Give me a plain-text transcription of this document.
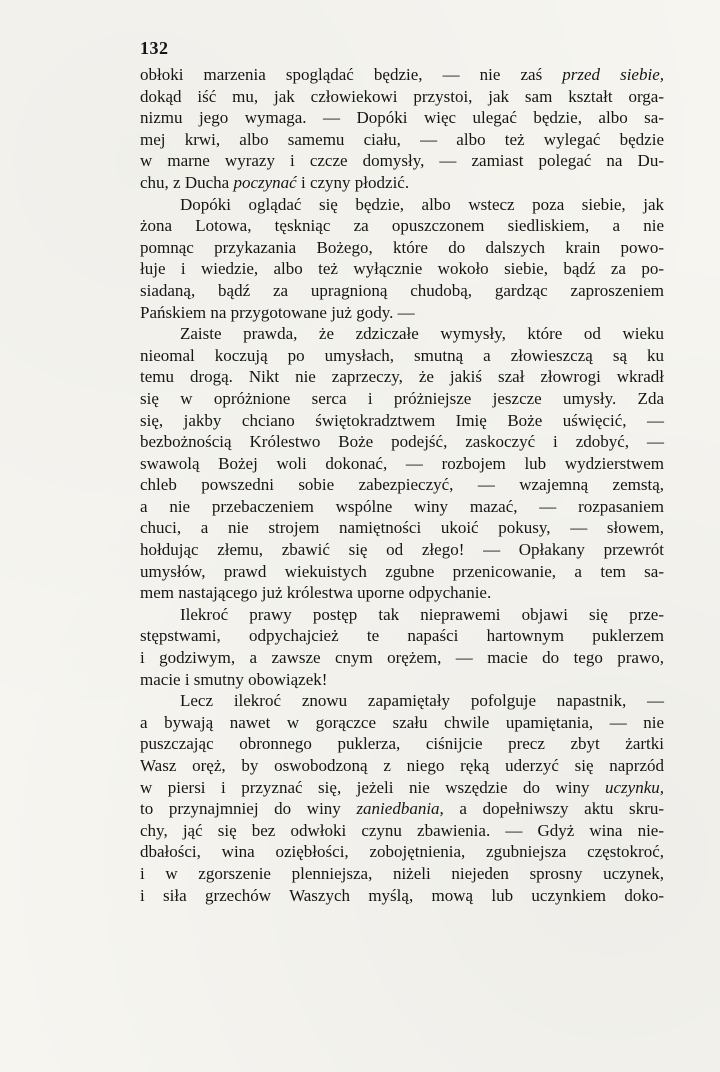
132
obłoki marzenia spoglądać będzie, — nie zaś przed siebie,
dokąd iść mu, jak człowiekowi przystoi, jak sam kształt orga-
nizmu jego wymaga. — Dopóki więc ulegać będzie, albo sa-
mej krwi, albo samemu ciału, — albo też wylegać będzie
w marne wyrazy i czcze domysły, — zamiast polegać na Du-
chu, z Ducha poczynać i czyny płodzić.
Dopóki oglądać się będzie, albo wstecz poza siebie, jak
żona Lotowa, tęskniąc za opuszczonem siedliskiem, a nie
pomnąc przykazania Bożego, które do dalszych krain powo-
łuje i wiedzie, albo też wyłącznie wokoło siebie, bądź za po-
siadaną, bądź za upragnioną chudobą, gardząc zaproszeniem
Pańskiem na przygotowane już gody. —
Zaiste prawda, że zdziczałe wymysły, które od wieku
nieomal koczują po umysłach, smutną a złowieszczą są ku
temu drogą. Nikt nie zaprzeczy, że jakiś szał złowrogi wkradł
się w opróżnione serca i próżniejsze jeszcze umysły. Zda
się, jakby chciano świętokradztwem Imię Boże uświęcić, —
bezbożnością Królestwo Boże podejść, zaskoczyć i zdobyć, —
swawolą Bożej woli dokonać, — rozbojem lub wydzierstwem
chleb powszedni sobie zabezpieczyć, — wzajemną zemstą,
a nie przebaczeniem wspólne winy mazać, — rozpasaniem
chuci, a nie strojem namiętności ukoić pokusy, — słowem,
hołdując złemu, zbawić się od złego! — Opłakany przewrót
umysłów, prawd wiekuistych zgubne przenicowanie, a tem sa-
mem nastającego już królestwa uporne odpychanie.
Ilekroć prawy postęp tak nieprawemi objawi się prze-
stępstwami, odpychajcież te napaści hartownym puklerzem
i godziwym, a zawsze cnym orężem, — macie do tego prawo,
macie i smutny obowiązek!
Lecz ilekroć znowu zapamiętały pofolguje napastnik, —
a bywają nawet w gorączce szału chwile upamiętania, — nie
puszczając obronnego puklerza, ciśnijcie precz zbyt żartki
Wasz oręż, by oswobodzoną z niego ręką uderzyć się naprzód
w piersi i przyznać się, jeżeli nie wszędzie do winy uczynku,
to przynajmniej do winy zaniedbania, a dopełniwszy aktu skru-
chy, jąć się bez odwłoki czynu zbawienia. — Gdyż wina nie-
dbałości, wina oziębłości, zobojętnienia, zgubniejsza częstokroć,
i w zgorszenie plenniejsza, niżeli niejeden sprosny uczynek,
i siła grzechów Waszych myślą, mową lub uczynkiem doko-
